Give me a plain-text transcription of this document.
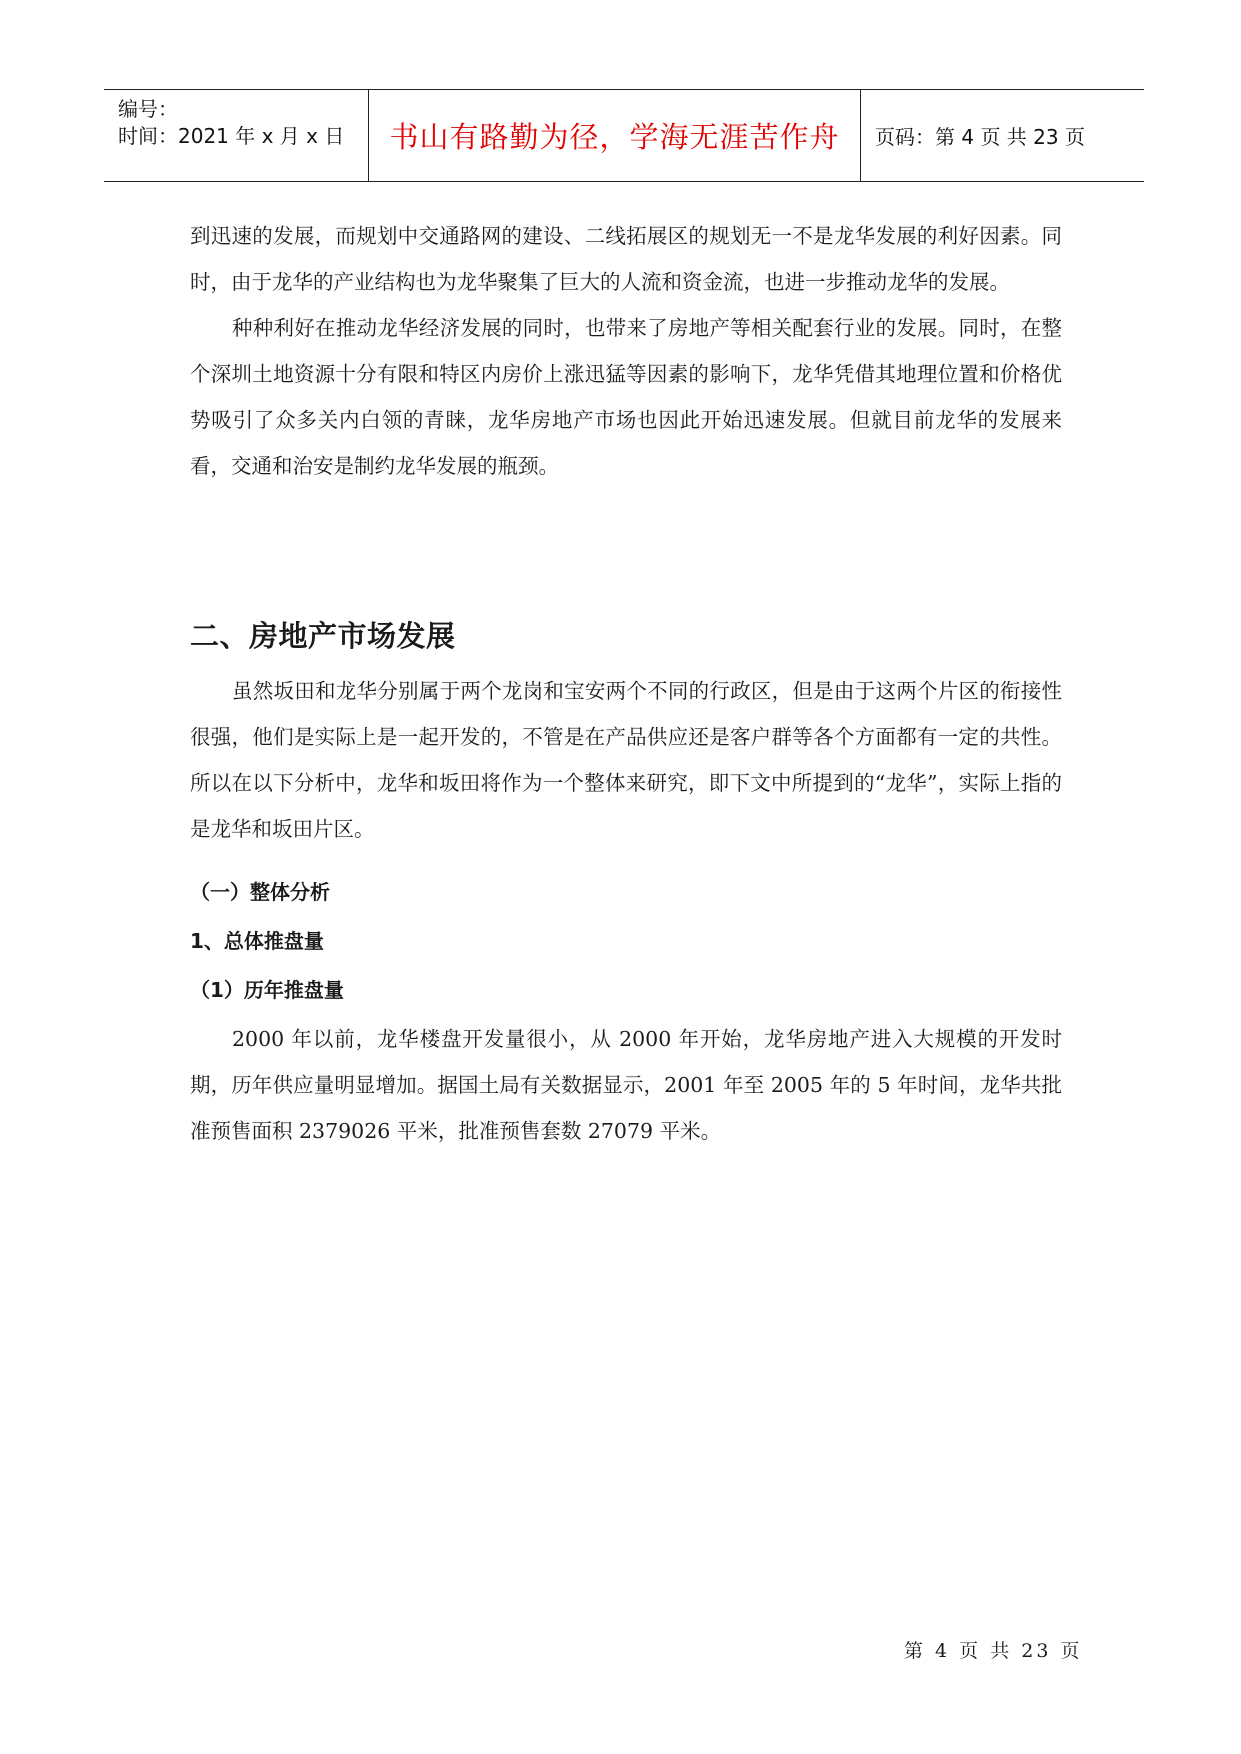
编号：
时间：2021 年 x 月 x 日 书山有路勤为径，学海无涯苦作舟 页码：第 4 页 共 23 页

到迅速的发展，而规划中交通路网的建设、二线拓展区的规划无一不是龙华发展的利好因素。同时，由于龙华的产业结构也为龙华聚集了巨大的人流和资金流，也进一步推动龙华的发展。

种种利好在推动龙华经济发展的同时，也带来了房地产等相关配套行业的发展。同时，在整个深圳土地资源十分有限和特区内房价上涨迅猛等因素的影响下，龙华凭借其地理位置和价格优势吸引了众多关内白领的青睐，龙华房地产市场也因此开始迅速发展。但就目前龙华的发展来看，交通和治安是制约龙华发展的瓶颈。

二、房地产市场发展

虽然坂田和龙华分别属于两个龙岗和宝安两个不同的行政区，但是由于这两个片区的衔接性很强，他们是实际上是一起开发的，不管是在产品供应还是客户群等各个方面都有一定的共性。所以在以下分析中，龙华和坂田将作为一个整体来研究，即下文中所提到的“龙华”，实际上指的是龙华和坂田片区。

（一）整体分析
1、总体推盘量
（1）历年推盘量

2000 年以前，龙华楼盘开发量很小，从 2000 年开始，龙华房地产进入大规模的开发时期，历年供应量明显增加。据国土局有关数据显示，2001 年至 2005 年的 5 年时间，龙华共批准预售面积 2379026 平米，批准预售套数 27079 平米。

第 4 页 共 23 页
